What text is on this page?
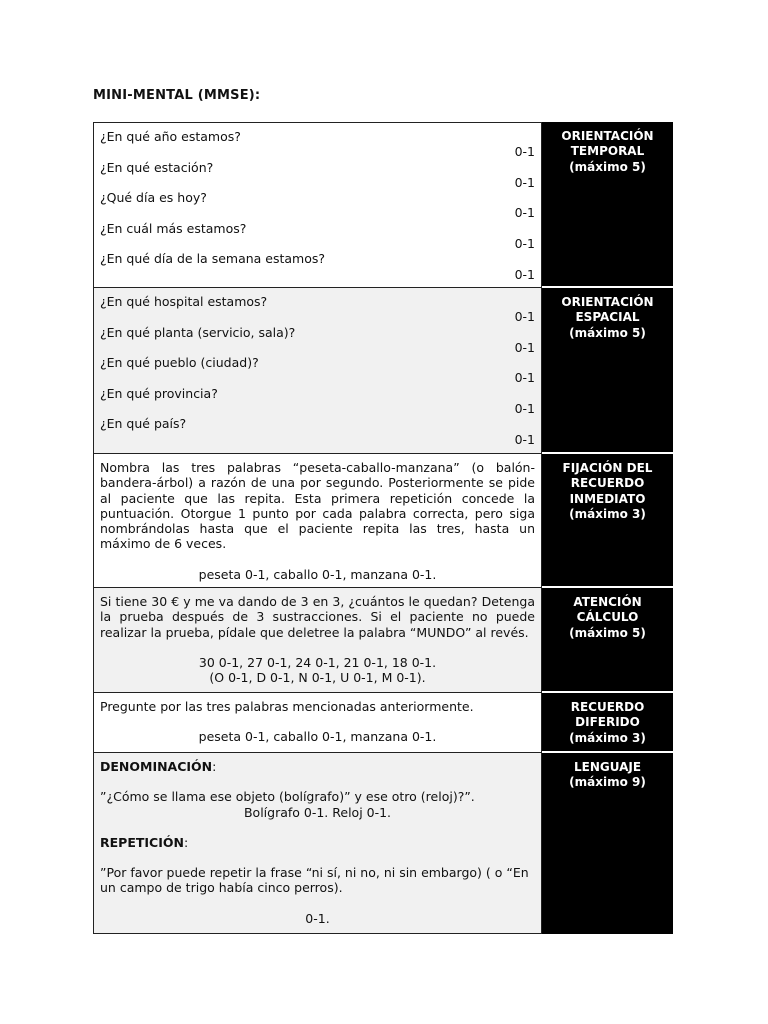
MINI-MENTAL (MMSE):
¿En qué año estamos?
0-1
¿En qué estación?
0-1
¿Qué día es hoy?
0-1
¿En cuál más estamos?
0-1
¿En qué día de la semana estamos?
0-1
ORIENTACIÓN
TEMPORAL
(máximo 5)
¿En qué hospital estamos?
0-1
¿En qué planta (servicio, sala)?
0-1
¿En qué pueblo (ciudad)?
0-1
¿En qué provincia?
0-1
¿En qué país?
0-1
ORIENTACIÓN
ESPACIAL
(máximo 5)
Nombra las tres palabras “peseta-caballo-manzana” (o balón-bandera-árbol) a razón de una por segundo. Posteriormente se pide al paciente que las repita. Esta primera repetición concede la puntuación. Otorgue 1 punto por cada palabra correcta, pero siga nombrándolas hasta que el paciente repita las tres, hasta un máximo de 6 veces.
peseta 0-1, caballo 0-1, manzana 0-1.
FIJACIÓN DEL
RECUERDO
INMEDIATO
(máximo 3)
Si tiene 30 € y me va dando de 3 en 3, ¿cuántos le quedan? Detenga la prueba después de 3 sustracciones. Si el paciente no puede realizar la prueba, pídale que deletree la palabra “MUNDO” al revés.
30 0-1, 27 0-1, 24 0-1, 21 0-1, 18 0-1.
(O 0-1, D 0-1, N 0-1, U 0-1, M 0-1).
ATENCIÓN
CÁLCULO
(máximo 5)
Pregunte por las tres palabras mencionadas anteriormente.
peseta 0-1, caballo 0-1, manzana 0-1.
RECUERDO
DIFERIDO
(máximo 3)
DENOMINACIÓN:
”¿Cómo se llama ese objeto (bolígrafo)” y ese otro (reloj)?”.
Bolígrafo 0-1. Reloj 0-1.
REPETICIÓN:
”Por favor puede repetir la frase “ni sí, ni no, ni sin embargo) ( o “En un campo de trigo había cinco perros).
0-1.
LENGUAJE
(máximo 9)
